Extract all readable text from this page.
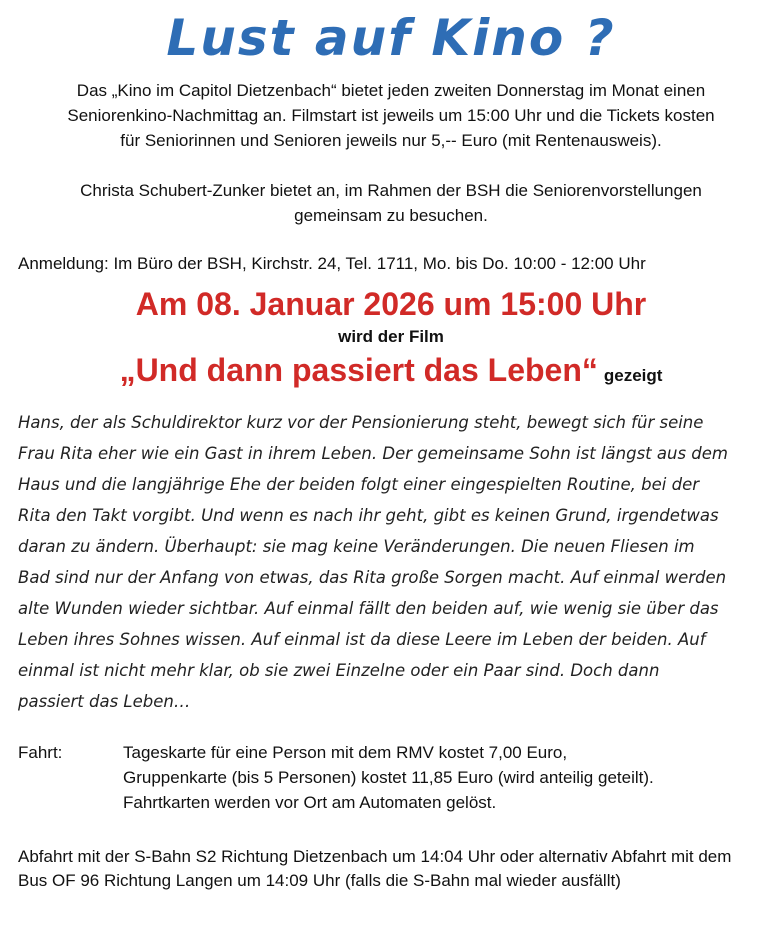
Lust auf Kino ?
Das „Kino im Capitol Dietzenbach“ bietet jeden zweiten Donnerstag im Monat einen
Seniorenkino-Nachmittag an. Filmstart ist jeweils um 15:00 Uhr und die Tickets kosten
für Seniorinnen und Senioren jeweils nur 5,-- Euro (mit Rentenausweis).
Christa Schubert-Zunker bietet an, im Rahmen der BSH die Seniorenvorstellungen
gemeinsam zu besuchen.
Anmeldung: Im Büro der BSH, Kirchstr. 24, Tel. 1711, Mo. bis Do. 10:00 - 12:00 Uhr
Am 08. Januar 2026 um 15:00 Uhr
wird der Film
„Und dann passiert das Leben“ gezeigt
Hans, der als Schuldirektor kurz vor der Pensionierung steht, bewegt sich für seine
Frau Rita eher wie ein Gast in ihrem Leben. Der gemeinsame Sohn ist längst aus dem
Haus und die langjährige Ehe der beiden folgt einer eingespielten Routine, bei der
Rita den Takt vorgibt. Und wenn es nach ihr geht, gibt es keinen Grund, irgendetwas
daran zu ändern. Überhaupt: sie mag keine Veränderungen. Die neuen Fliesen im
Bad sind nur der Anfang von etwas, das Rita große Sorgen macht. Auf einmal werden
alte Wunden wieder sichtbar. Auf einmal fällt den beiden auf, wie wenig sie über das
Leben ihres Sohnes wissen. Auf einmal ist da diese Leere im Leben der beiden. Auf
einmal ist nicht mehr klar, ob sie zwei Einzelne oder ein Paar sind. Doch dann
passiert das Leben…
Fahrt:	Tageskarte für eine Person mit dem RMV kostet 7,00 Euro,
Gruppenkarte (bis 5 Personen) kostet 11,85 Euro (wird anteilig geteilt).
Fahrtkarten werden vor Ort am Automaten gelöst.
Abfahrt mit der S-Bahn S2 Richtung Dietzenbach um 14:04 Uhr oder alternativ Abfahrt mit dem Bus OF 96 Richtung Langen um 14:09 Uhr (falls die S-Bahn mal wieder ausfällt)
